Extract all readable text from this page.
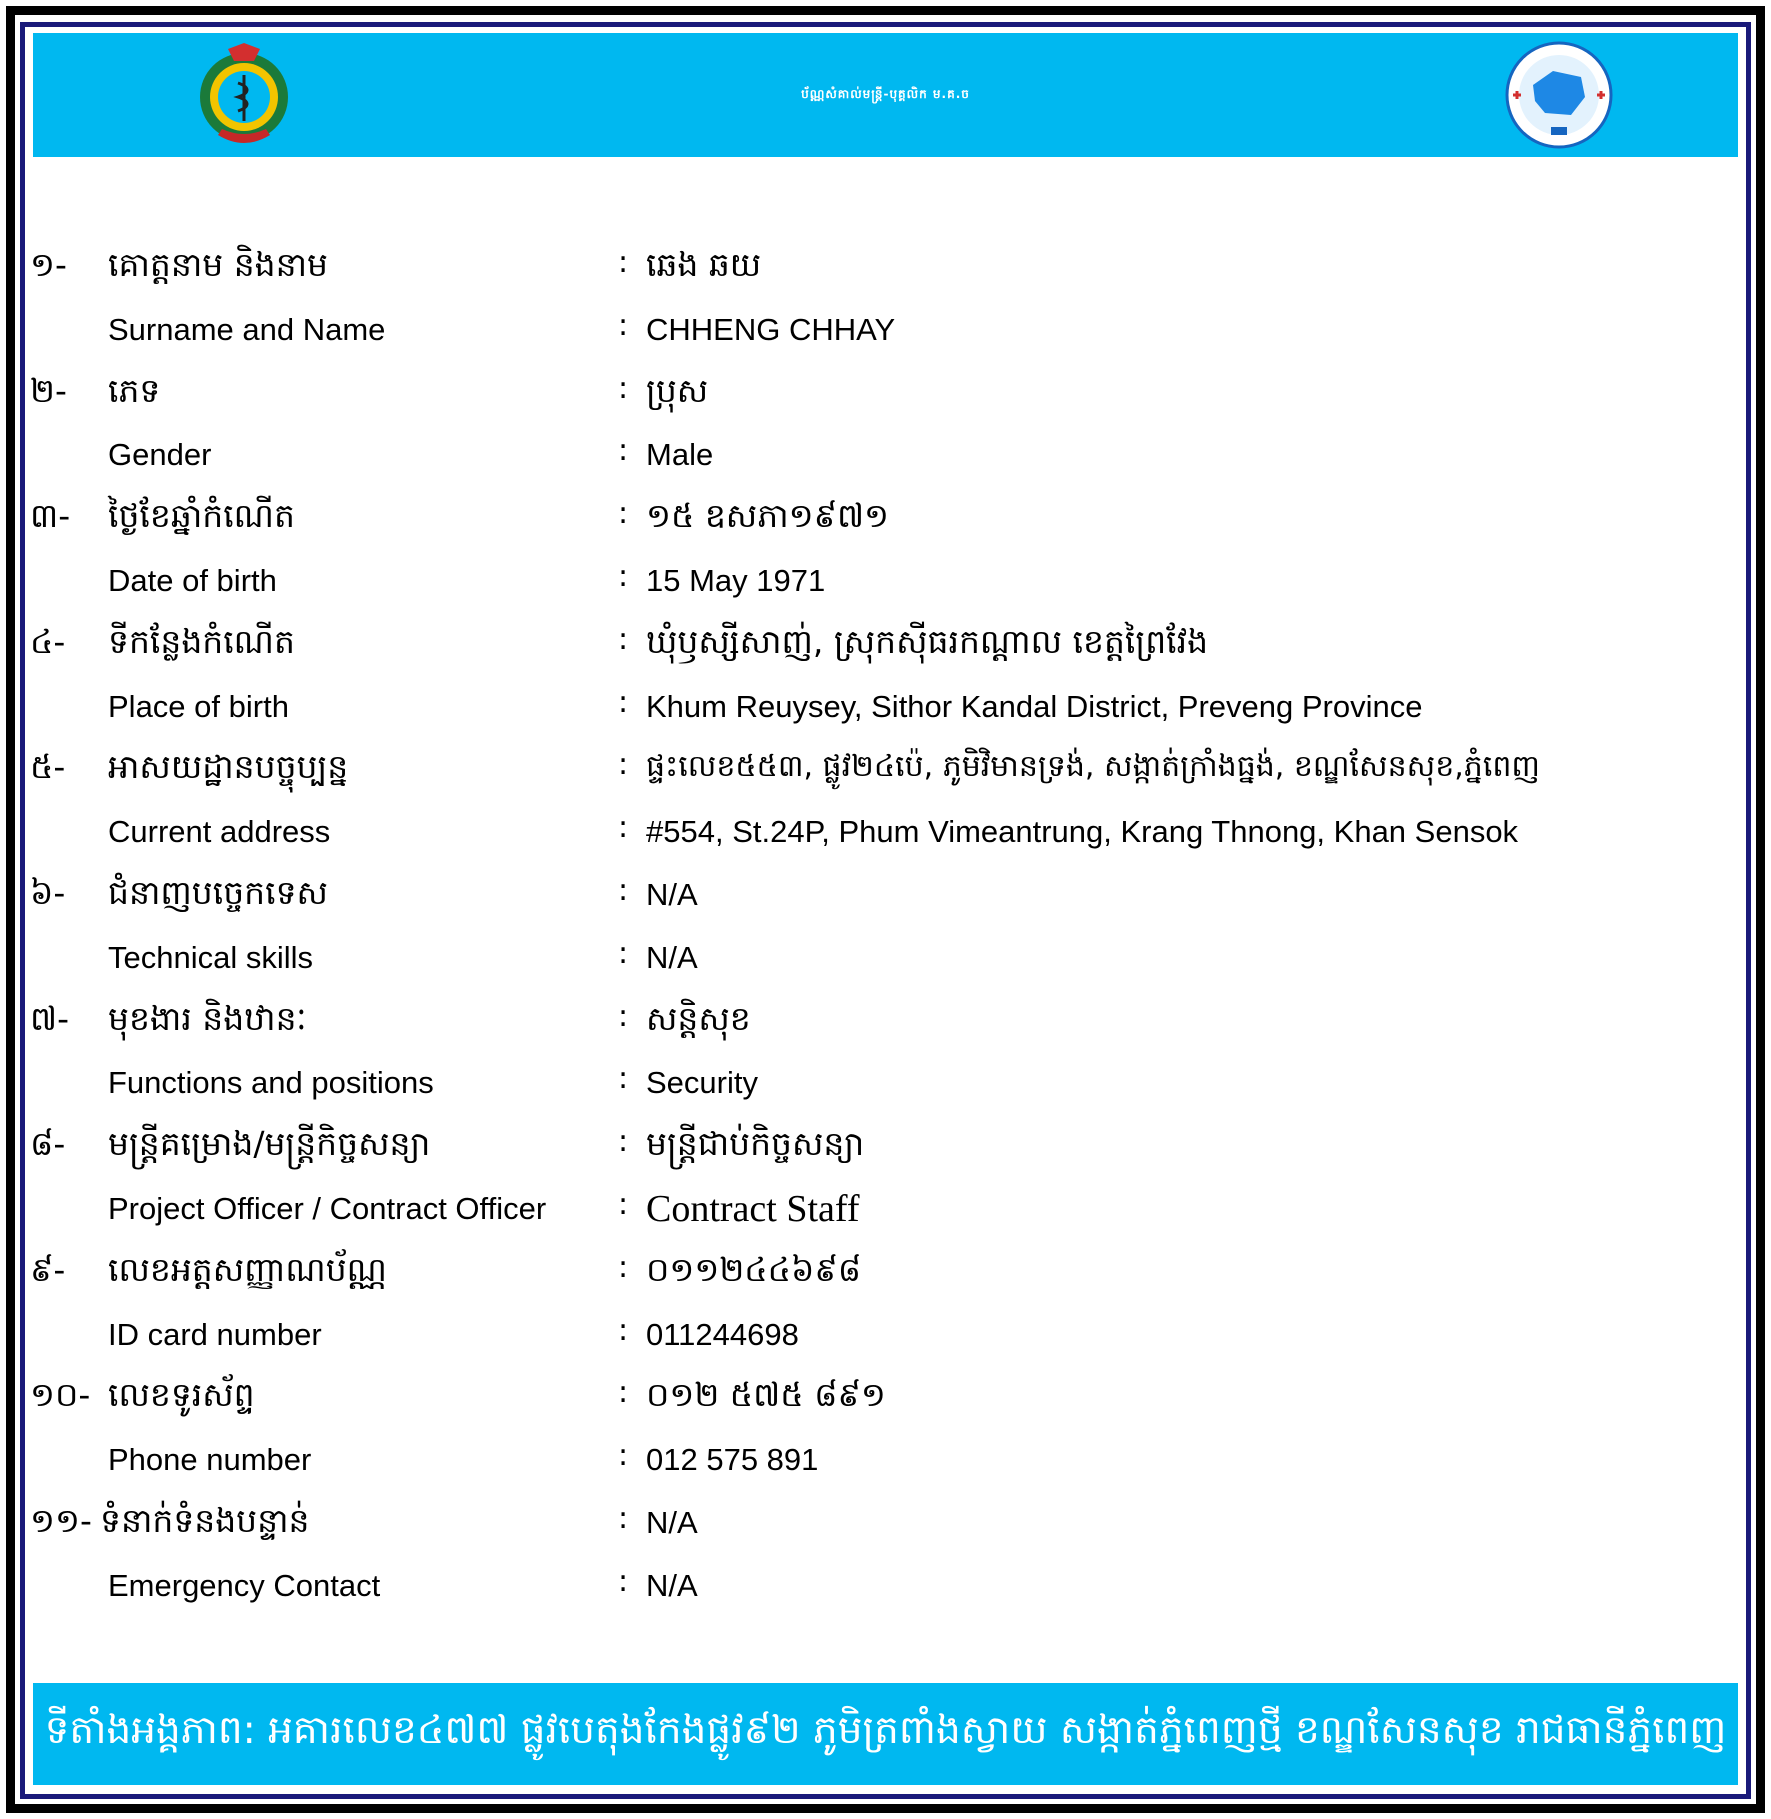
ប័ណ្ណសំគាល់មន្ត្រី-បុគ្គលិក ម.គ.ច
១- គោត្តនាម និងនាម	: ឆេង ឆយ
Surname and Name	: CHHENG CHHAY
២- ភេទ	: ប្រុស
Gender	: Male
៣- ថ្ងៃខែឆ្នាំកំណើត	: ១៥ ឧសភា១៩៧១
Date of birth	: 15 May 1971
៤- ទីកន្លែងកំណើត	: ឃុំឫស្សីសាញ់, ស្រុកស៊ីធរកណ្តាល ខេត្តព្រៃវែង
Place of birth	: Khum Reuysey, Sithor Kandal District, Preveng Province
៥- អាសយដ្ឋានបច្ចុប្បន្ន	: ផ្ទះលេខ៥៥៣, ផ្លូវ២៤ប៉េ, ភូមិវិមានទ្រង់, សង្កាត់ក្រាំងធ្នង់, ខណ្ឌសែនសុខ,ភ្នំពេញ
Current address	: #554, St.24P, Phum Vimeantrung, Krang Thnong, Khan Sensok
៦- ជំនាញបច្ចេកទេស	: N/A
Technical skills	: N/A
៧- មុខងារ និងឋានៈ	: សន្តិសុខ
Functions and positions	: Security
៨- មន្ត្រីគម្រោង/មន្ត្រីកិច្ចសន្យា	: មន្ត្រីជាប់កិច្ចសន្យា
Project Officer / Contract Officer : Contract Staff
៩- លេខអត្តសញ្ញាណប័ណ្ណ	: ០១១២៤៤៦៩៨
ID card number	: 011244698
១០- លេខទូរស័ព្ទ	: ០១២ ៥៧៥ ៨៩១
Phone number	: 012 575 891
១១- ទំនាក់ទំនងបន្ទាន់	: N/A
Emergency Contact	: N/A
ទីតាំងអង្គភាព: អគារលេខ៤៧៧ ផ្លូវបេតុងកែងផ្លូវ៩២ ភូមិត្រពាំងស្វាយ សង្កាត់ភ្នំពេញថ្មី ខណ្ឌសែនសុខ រាជធានីភ្នំពេញ
